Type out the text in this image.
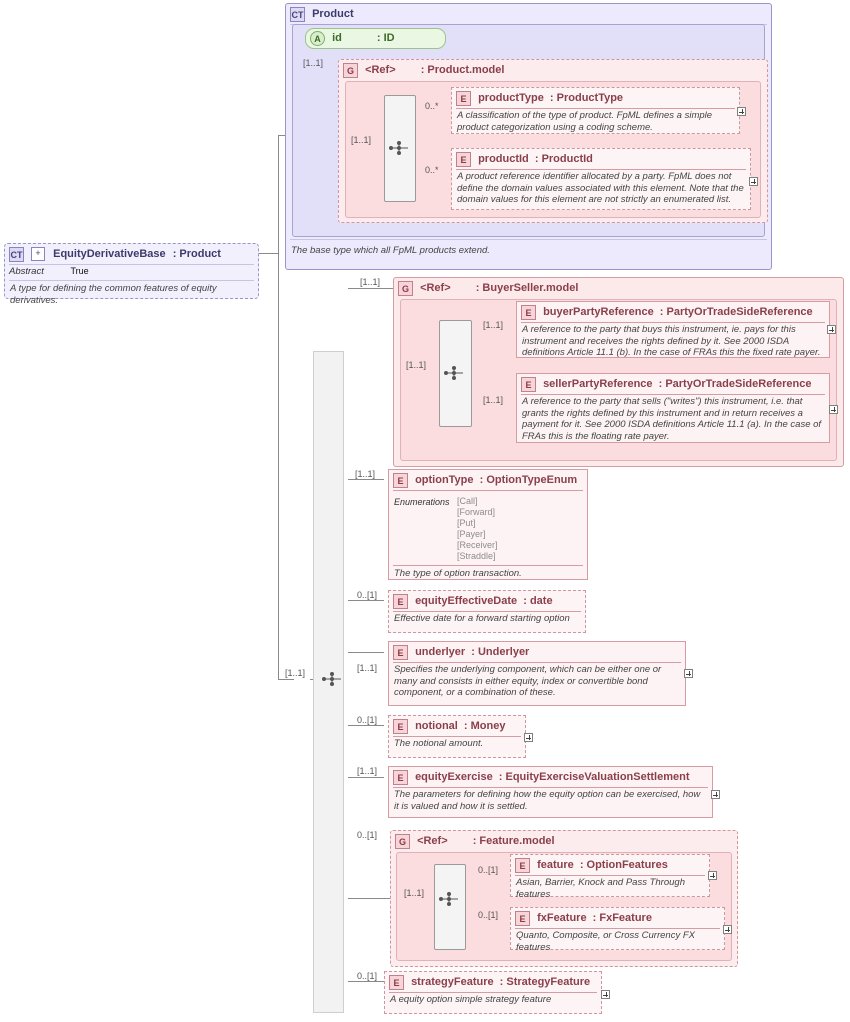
CT + EquityDerivativeBase : Product
Abstract	True
A type for defining the common features of equity derivatives.
CT Product
The base type which all FpML products extend.
A id	: ID
G <Ref> : Product.model
E productType : ProductType
A classification of the type of product. FpML defines a simple product categorization using a coding scheme.
E productId : ProductId
A product reference identifier allocated by a party. FpML does not define the domain values associated with this element. Note that the domain values for this element are not strictly an enumerated list.
[1..1]
[1..1]
0..*
0..*
[1..1]
G <Ref> : BuyerSeller.model
[1..1]
[1..1]
[1..1]
[1..1]
E buyerPartyReference : PartyOrTradeSideReference
A reference to the party that buys this instrument, ie. pays for this instrument and receives the rights defined by it. See 2000 ISDA definitions Article 11.1 (b). In the case of FRAs this the fixed rate payer.
E sellerPartyReference : PartyOrTradeSideReference
A reference to the party that sells ("writes") this instrument, i.e. that grants the rights defined by this instrument and in return receives a payment for it. See 2000 ISDA definitions Article 11.1 (a). In the case of FRAs this is the floating rate payer.
E optionType : OptionTypeEnum
Enumerations [Call]
[Forward]
[Put]
[Payer]
[Receiver]
[Straddle]
The type of option transaction.
[1..1]
E equityEffectiveDate : date
Effective date for a forward starting option
0..[1]
E underlyer : Underlyer
Specifies the underlying component, which can be either one or many and consists in either equity, index or convertible bond component, or a combination of these.
[1..1]
E notional : Money
The notional amount.
0..[1]
E equityExercise : EquityExerciseValuationSettlement
The parameters for defining how the equity option can be exercised, how it is valued and how it is settled.
[1..1]
G <Ref> : Feature.model
0..[1]
[1..1]
0..[1]
0..[1]
E feature : OptionFeatures
Asian, Barrier, Knock and Pass Through features
E fxFeature : FxFeature
Quanto, Composite, or Cross Currency FX features
E strategyFeature : StrategyFeature
A equity option simple strategy feature
0..[1]
